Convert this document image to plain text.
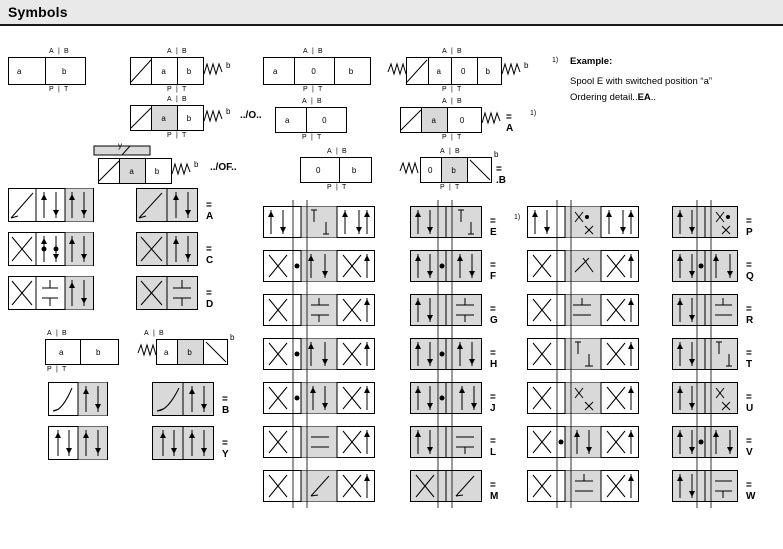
Symbols
A | B
a	b
P | T
A | B
a	b
b
P | T
A | B
a	b
b ../O..
P | T
y
a	b
b ../OF..
A | B
a	0	b
P | T
A | B
a	0	b
b
P | T
A | B
a	0
P | T
A | B
a	0	= A
1)
P | T
A | B
0	b
P | T
A | B
0 b
b
= .B
P | T
1) Example:
Spool E with switched position “a”
Ordering detail..EA..
= A
= C
= D
A | B
a	b
P | T
A | B
a b
b
= B
= Y
= E
1)
= F
= G
= H
= J
= L
= M
= P
= Q
= R
= T
= U
= V
= W
